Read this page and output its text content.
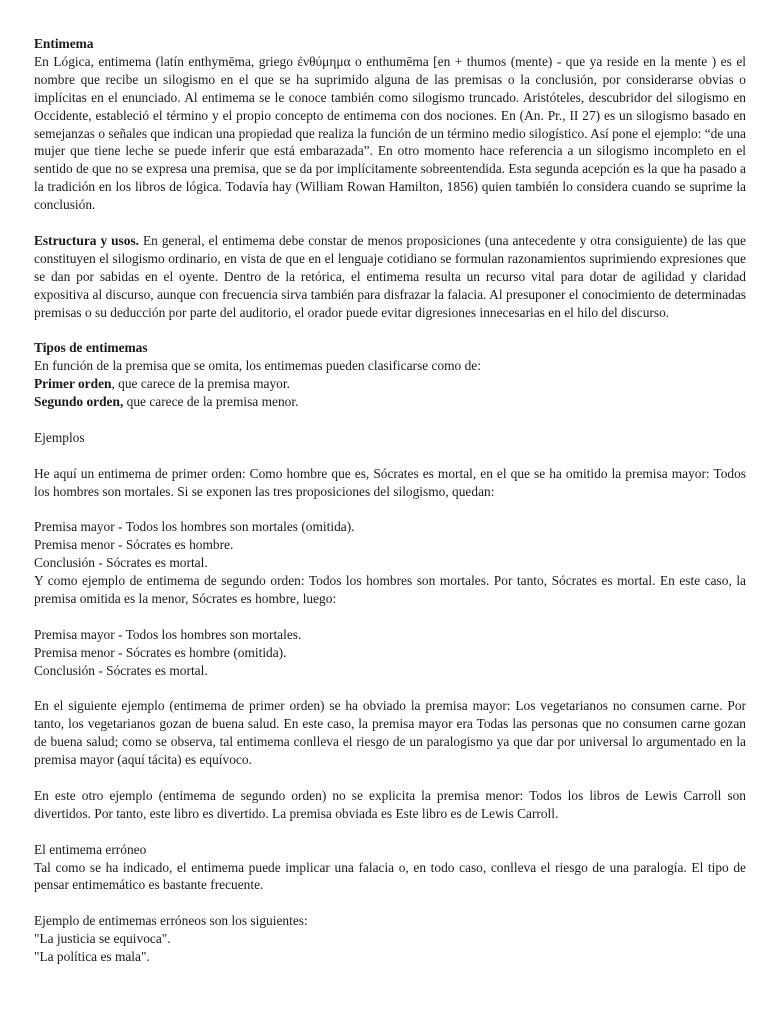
Entimema

En Lógica, entimema (latín enthymēma, griego ἐνθύμημα o enthumēma [en + thumos (mente) - que ya reside en la mente ) es el nombre que recibe un silogismo en el que se ha suprimido alguna de las premisas o la conclusión, por considerarse obvias o implícitas en el enunciado. Al entimema se le conoce también como silogismo truncado. Aristóteles, descubridor del silogismo en Occidente, estableció el término y el propio concepto de entimema con dos nociones. En (An. Pr., II 27) es un silogismo basado en semejanzas o señales que indican una propiedad que realiza la función de un término medio silogístico. Así pone el ejemplo: “de una mujer que tiene leche se puede inferir que está embarazada”. En otro momento hace referencia a un silogismo incompleto en el sentido de que no se expresa una premisa, que se da por implícitamente sobreentendida. Esta segunda acepción es la que ha pasado a la tradición en los libros de lógica. Todavía hay (William Rowan Hamilton, 1856) quien también lo considera cuando se suprime la conclusión.

Estructura y usos. En general, el entimema debe constar de menos proposiciones (una antecedente y otra consiguiente) de las que constituyen el silogismo ordinario, en vista de que en el lenguaje cotidiano se formulan razonamientos suprimiendo expresiones que se dan por sabidas en el oyente. Dentro de la retórica, el entimema resulta un recurso vital para dotar de agilidad y claridad expositiva al discurso, aunque con frecuencia sirva también para disfrazar la falacia. Al presuponer el conocimiento de determinadas premisas o su deducción por parte del auditorio, el orador puede evitar digresiones innecesarias en el hilo del discurso.

Tipos de entimemas
En función de la premisa que se omita, los entimemas pueden clasificarse como de:
Primer orden, que carece de la premisa mayor.
Segundo orden, que carece de la premisa menor.
Ejemplos

He aquí un entimema de primer orden: Como hombre que es, Sócrates es mortal, en el que se ha omitido la premisa mayor: Todos los hombres son mortales. Si se exponen las tres proposiciones del silogismo, quedan:

Premisa mayor - Todos los hombres son mortales (omitida).
Premisa menor - Sócrates es hombre.
Conclusión - Sócrates es mortal.

Y como ejemplo de entimema de segundo orden: Todos los hombres son mortales. Por tanto, Sócrates es mortal. En este caso, la premisa omitida es la menor, Sócrates es hombre, luego:

Premisa mayor - Todos los hombres son mortales.
Premisa menor - Sócrates es hombre (omitida).
Conclusión - Sócrates es mortal.

En el siguiente ejemplo (entimema de primer orden) se ha obviado la premisa mayor: Los vegetarianos no consumen carne. Por tanto, los vegetarianos gozan de buena salud. En este caso, la premisa mayor era Todas las personas que no consumen carne gozan de buena salud; como se observa, tal entimema conlleva el riesgo de un paralogismo ya que dar por universal lo argumentado en la premisa mayor (aquí tácita) es equívoco.

En este otro ejemplo (entimema de segundo orden) no se explicita la premisa menor: Todos los libros de Lewis Carroll son divertidos. Por tanto, este libro es divertido. La premisa obviada es Este libro es de Lewis Carroll.

El entimema erróneo

Tal como se ha indicado, el entimema puede implicar una falacia o, en todo caso, conlleva el riesgo de una paralogía. El tipo de pensar entimemático es bastante frecuente.

Ejemplo de entimemas erróneos son los siguientes:
"La justicia se equivoca".
"La política es mala".
